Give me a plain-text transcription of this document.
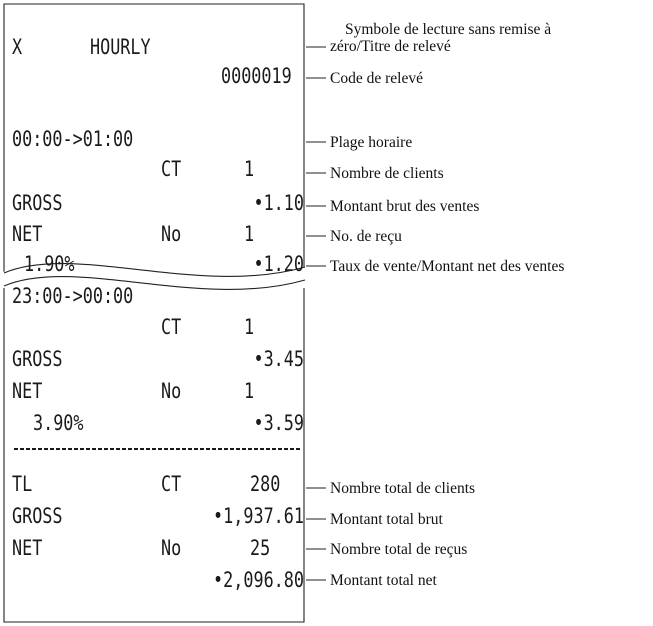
X	HOURLY
0000019
00:00->01:00
CT	1
GROSS	•1.10
NET	No	1
1.90%	•1.20
23:00->00:00
CT	1
GROSS	•3.45
NET	No	1
3.90%	•3.59
TL	CT	280
GROSS	•1,937.61
NET	No	25
•2,096.80
Symbole de lecture sans remise à
zéro/Titre de relevé
Code de relevé
Plage horaire
Nombre de clients
Montant brut des ventes
No. de reçu
Taux de vente/Montant net des ventes
Nombre total de clients
Montant total brut
Nombre total de reçus
Montant total net
